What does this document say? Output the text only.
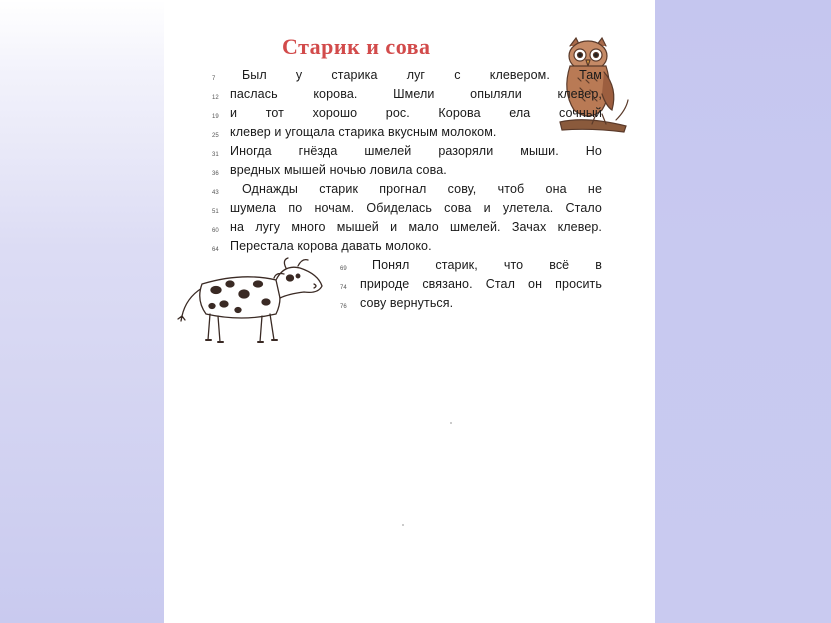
Старик и сова
7	Был у старика луг с клевером. Там
12 паслась корова. Шмели опыляли клевер,
19 и тот хорошо рос. Корова ела сочный
25 клевер и угощала старика вкусным молоком.
31 Иногда гнёзда шмелей разоряли мыши. Но
36 вредных мышей ночью ловила сова.
43	Однажды старик прогнал сову, чтоб она не
51 шумела по ночам. Обиделась сова и улетела. Стало
60 на лугу много мышей и мало шмелей. Зачах клевер.
64 Перестала корова давать молоко.
69	Понял старик, что всё в
74	природе связано. Стал он просить
76	сову вернуться.
